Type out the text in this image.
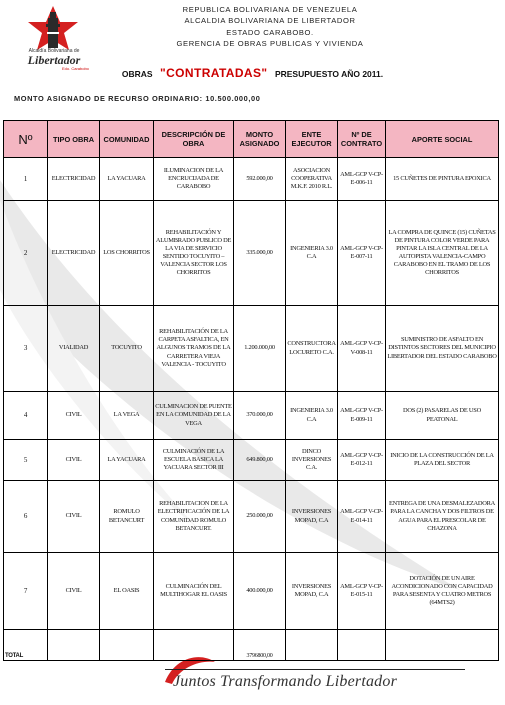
Alcaldía Bolivariana de
Libertador
Edo. Carabobo
REPUBLICA BOLIVARIANA DE VENEZUELA
ALCALDIA BOLIVARIANA DE LIBERTADOR
ESTADO CARABOBO.
GERENCIA DE OBRAS PUBLICAS Y VIVIENDA
OBRAS "CONTRATADAS" PRESUPUESTO AÑO 2011.
MONTO ASIGNADO DE RECURSO ORDINARIO: 10.500.000,00
Nº	TIPO OBRA	COMUNIDAD	DESCRIPCIÓN DE OBRA	MONTO ASIGNADO	ENTE EJECUTOR	Nº DE CONTRATO	APORTE SOCIAL
1	ELECTRICIDAD	LA YACUARA	ILUMINACION DE LA ENCRUCIJADA DE CARABOBO	592.000,00	ASOCIACION COOPERATIVA M.K.F. 2010 R.L.	AML-GCP V-CP-E-006-11	15 CUÑETES DE PINTURA EPOXICA
2	ELECTRICIDAD	LOS CHORRITOS	REHABILITACIÓN Y ALUMBRADO PUBLICO DE LA VIA DE SERVICIO SENTIDO TOCUYITO – VALENCIA SECTOR LOS CHORRITOS	335.000,00	INGENIERIA 3.0 C.A	AML-GCP V-CP-E-007-11	LA COMPRA DE QUINCE (15) CUÑETAS DE PINTURA COLOR VERDE PARA PINTAR LA ISLA CENTRAL DE LA AUTOPISTA VALENCIA-CAMPO CARABOBO EN EL TRAMO DE LOS CHORRITOS
3	VIALIDAD	TOCUYITO	REHABILITACIÓN DE LA CARPETA ASFALTICA, EN ALGUNOS TRAMOS DE LA CARRETERA VIEJA VALENCIA - TOCUYITO	1.200.000,00	CONSTRUCTORA LOCURETO C.A.	AML-GCP V-CP-V-008-11	SUMINISTRO DE ASFALTO EN DISTINTOS SECTORES DEL MUNICIPIO LIBERTADOR DEL ESTADO CARABOBO
4	CIVIL	LA VEGA	CULMINACION DE PUENTE EN LA COMUNIDAD DE LA VEGA	370.000,00	INGENIERIA 3.0 C.A	AML-GCP V-CP-E-009-11	DOS (2) PASARELAS DE USO PEATONAL
5	CIVIL	LA YACUARA	CULMINACIÓN DE LA ESCUELA BASICA LA YACUARA SECTOR III	649.800,00	DINCO INVERSIONES C.A.	AML-GCP V-CP-E-012-11	INICIO DE LA CONSTRUCCIÓN DE LA PLAZA DEL SECTOR
6	CIVIL	ROMULO BETANCURT	REHABILITACION DE LA ELECTRIFICACIÓN DE LA COMUNIDAD ROMULO BETANCURT.	250.000,00	INVERSIONES MOPAD, C.A	AML-GCP V-CP-E-014-11	ENTREGA DE UNA DESMALEZADORA PARA LA CANCHA Y DOS FILTROS DE AGUA PARA EL PRESCOLAR DE CHAZONA
7	CIVIL	EL OASIS	CULMINACIÓN DEL MULTIHOGAR EL OASIS	400.000,00	INVERSIONES MOPAD, C.A	AML-GCP V-CP-E-015-11	DOTACIÓN DE UN AIRE ACONDICIONADO CON CAPACIDAD PARA SESENTA Y CUATRO METROS (64MTS2)
TOTAL				3796800,00			
Juntos Transformando Libertador
